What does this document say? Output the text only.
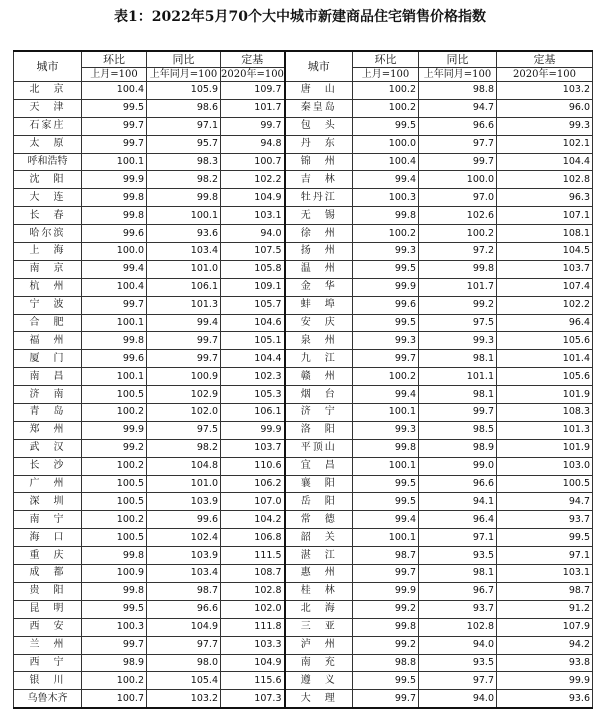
表1：2022年5月70个大中城市新建商品住宅销售价格指数
城市	环比	同比	定基	城市	环比	同比	定基
	上月=100	上年同月=100	2020年=100		上月=100	上年同月=100	2020年=100
北　京	100.4	105.9	109.7	唐　山	100.2	98.8	103.2
天　津	99.5	98.6	101.7	秦皇岛	100.2	94.7	96.0
石家庄	99.7	97.1	99.7	包　头	99.5	96.6	99.3
太　原	99.7	95.7	94.8	丹　东	100.0	97.7	102.1
呼和浩特	100.1	98.3	100.7	锦　州	100.4	99.7	104.4
沈　阳	99.9	98.2	102.2	吉　林	99.4	100.0	102.8
大　连	99.8	99.8	104.9	牡丹江	100.3	97.0	96.3
长　春	99.8	100.1	103.1	无　锡	99.8	102.6	107.1
哈尔滨	99.6	93.6	94.0	徐　州	100.2	100.2	108.1
上　海	100.0	103.4	107.5	扬　州	99.3	97.2	104.5
南　京	99.4	101.0	105.8	温　州	99.5	99.8	103.7
杭　州	100.4	106.1	109.1	金　华	99.9	101.7	107.4
宁　波	99.7	101.3	105.7	蚌　埠	99.6	99.2	102.2
合　肥	100.1	99.4	104.6	安　庆	99.5	97.5	96.4
福　州	99.8	99.7	105.1	泉　州	99.3	99.3	105.6
厦　门	99.6	99.7	104.4	九　江	99.7	98.1	101.4
南　昌	100.1	100.9	102.3	赣　州	100.2	101.1	105.6
济　南	100.5	102.9	105.3	烟　台	99.4	98.1	101.9
青　岛	100.2	102.0	106.1	济　宁	100.1	99.7	108.3
郑　州	99.9	97.5	99.9	洛　阳	99.3	98.5	101.3
武　汉	99.2	98.2	103.7	平顶山	99.8	98.9	101.9
长　沙	100.2	104.8	110.6	宜　昌	100.1	99.0	103.0
广　州	100.5	101.0	106.2	襄　阳	99.5	96.6	100.5
深　圳	100.5	103.9	107.0	岳　阳	99.5	94.1	94.7
南　宁	100.2	99.6	104.2	常　德	99.4	96.4	93.7
海　口	100.5	102.4	106.8	韶　关	100.1	97.1	99.5
重　庆	99.8	103.9	111.5	湛　江	98.7	93.5	97.1
成　都	100.9	103.4	108.7	惠　州	99.7	98.1	103.1
贵　阳	99.8	98.7	102.8	桂　林	99.9	96.7	98.7
昆　明	99.5	96.6	102.0	北　海	99.2	93.7	91.2
西　安	100.3	104.9	111.8	三　亚	99.8	102.8	107.9
兰　州	99.7	97.7	103.3	泸　州	99.2	94.0	94.2
西　宁	98.9	98.0	104.9	南　充	98.8	93.5	93.8
银　川	100.2	105.4	115.6	遵　义	99.5	97.7	99.9
乌鲁木齐	100.7	103.2	107.3	大　理	99.7	94.0	93.6
